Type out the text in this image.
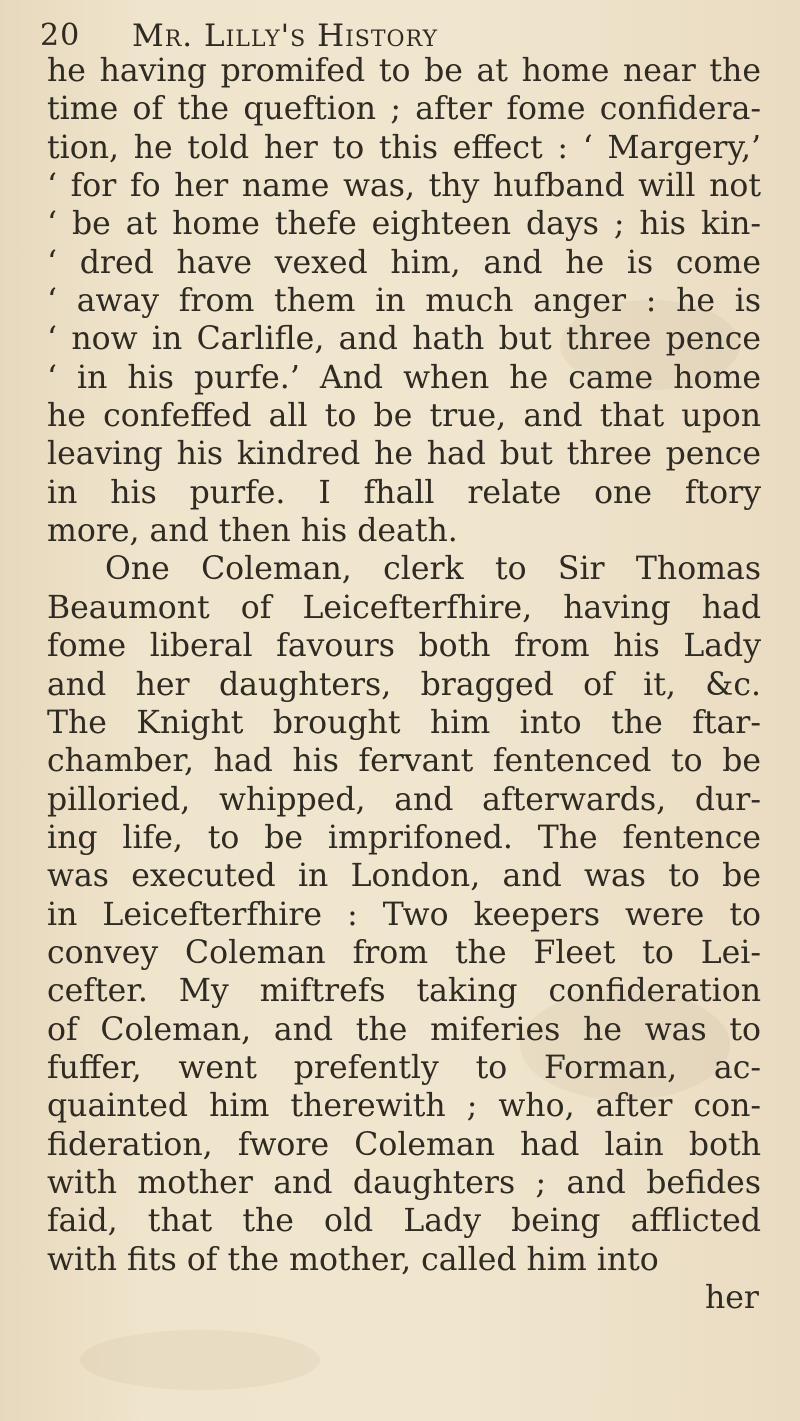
20 Mr. Lilly's History
he having promifed to be at home near the
time of the queftion ; after fome confidera-
tion, he told her to this effect : ‘ Margery,’
‘ for fo her name was, thy hufband will not
‘ be at home thefe eighteen days ; his kin-
‘ dred have vexed him, and he is come
‘ away from them in much anger : he is
‘ now in Carlifle, and hath but three pence
‘ in his purfe.’ And when he came home
he confeffed all to be true, and that upon
leaving his kindred he had but three pence
in his purfe. I fhall relate one ftory
more, and then his death.
One Coleman, clerk to Sir Thomas
Beaumont of Leicefterfhire, having had
fome liberal favours both from his Lady
and her daughters, bragged of it, &c.
The Knight brought him into the ftar-
chamber, had his fervant fentenced to be
pilloried, whipped, and afterwards, dur-
ing life, to be imprifoned. The fentence
was executed in London, and was to be
in Leicefterfhire : Two keepers were to
convey Coleman from the Fleet to Lei-
cefter. My miftrefs taking confideration
of Coleman, and the miferies he was to
fuffer, went prefently to Forman, ac-
quainted him therewith ; who, after con-
fideration, fwore Coleman had lain both
with mother and daughters ; and befides
faid, that the old Lady being afflicted
with fits of the mother, called him into
her
